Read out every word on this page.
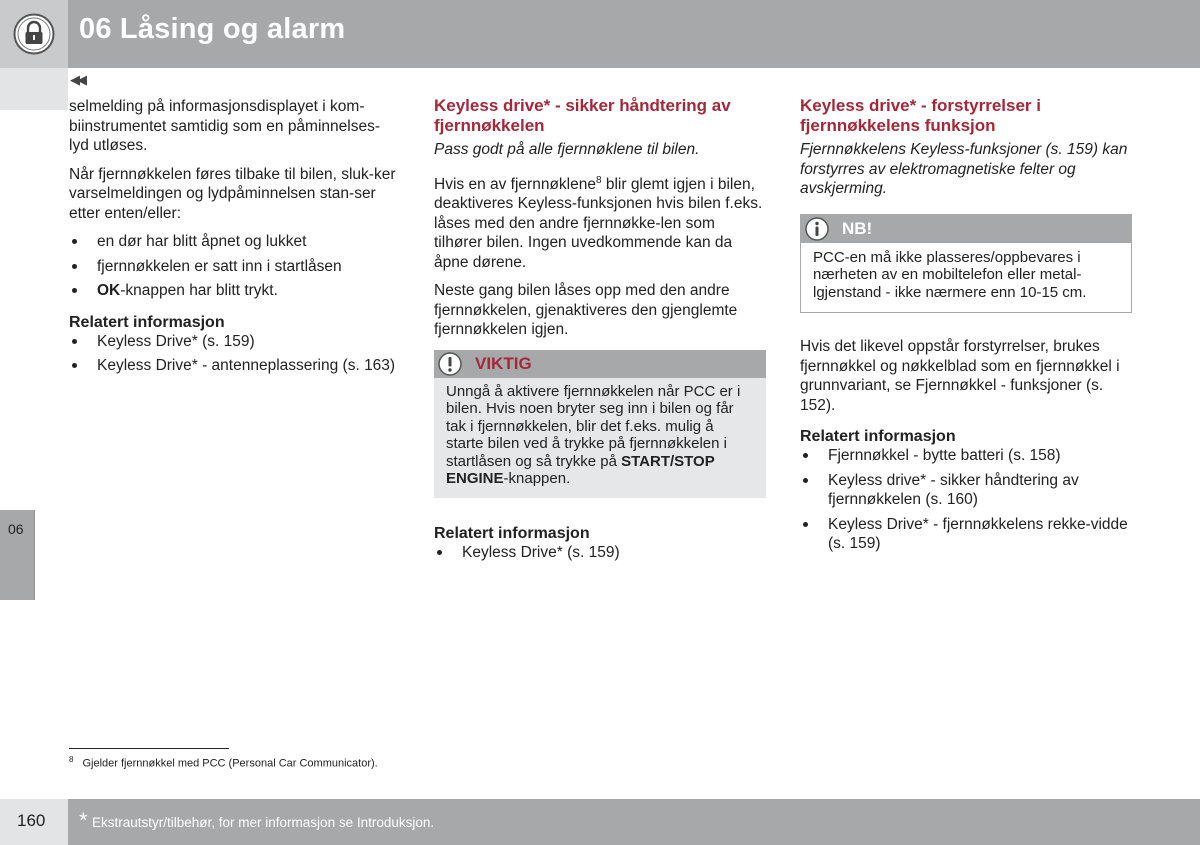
06 Låsing og alarm
◀◀
06

selmelding på informasjonsdisplayet i kom-biinstrumentet samtidig som en påminnelses-lyd utløses.

Når fjernnøkkelen føres tilbake til bilen, sluk-ker varselmeldingen og lydpåminnelsen stan-ser etter enten/eller:

en dør har blitt åpnet og lukket
fjernnøkkelen er satt inn i startlåsen
OK-knappen har blitt trykt.
Relatert informasjon
Keyless Drive* (s. 159)
Keyless Drive* - antenneplassering (s. 163)
Keyless drive* - sikker håndtering av fjernnøkkelen

Pass godt på alle fjernnøklene til bilen.

Hvis en av fjernnøklene$^8$ blir glemt igjen i bilen, deaktiveres Keyless-funksjonen hvis bilen f.eks. låses med den andre fjernnøkke-len som tilhører bilen. Ingen uvedkommende kan da åpne dørene.

Neste gang bilen låses opp med den andre fjernnøkkelen, gjenaktiveres den gjenglemte fjernnøkkelen igjen.

VIKTIG
Unngå å aktivere fjernnøkkelen når PCC er i bilen. Hvis noen bryter seg inn i bilen og får tak i fjernnøkkelen, blir det f.eks. mulig å starte bilen ved å trykke på fjernnøkkelen i startlåsen og så trykke på START/STOP ENGINE-knappen.
Relatert informasjon
Keyless Drive* (s. 159)
Keyless drive* - forstyrrelser i fjernnøkkelens funksjon

Fjernnøkkelens Keyless-funksjoner (s. 159) kan forstyrres av elektromagnetiske felter og avskjerming.

NB!
PCC-en må ikke plasseres/oppbevares i nærheten av en mobiltelefon eller metal-lgjenstand - ikke nærmere enn 10-15 cm.

Hvis det likevel oppstår forstyrrelser, brukes fjernnøkkel og nøkkelblad som en fjernnøkkel i grunnvariant, se Fjernnøkkel - funksjoner (s. 152).

Relatert informasjon
Fjernnøkkel - bytte batteri (s. 158)
Keyless drive* - sikker håndtering av fjernnøkkelen (s. 160)
Keyless Drive* - fjernnøkkelens rekke-vidde (s. 159)
$^8$ Gjelder fjernnøkkel med PCC (Personal Car Communicator).
160 * Ekstrautstyr/tilbehør, for mer informasjon se Introduksjon.
